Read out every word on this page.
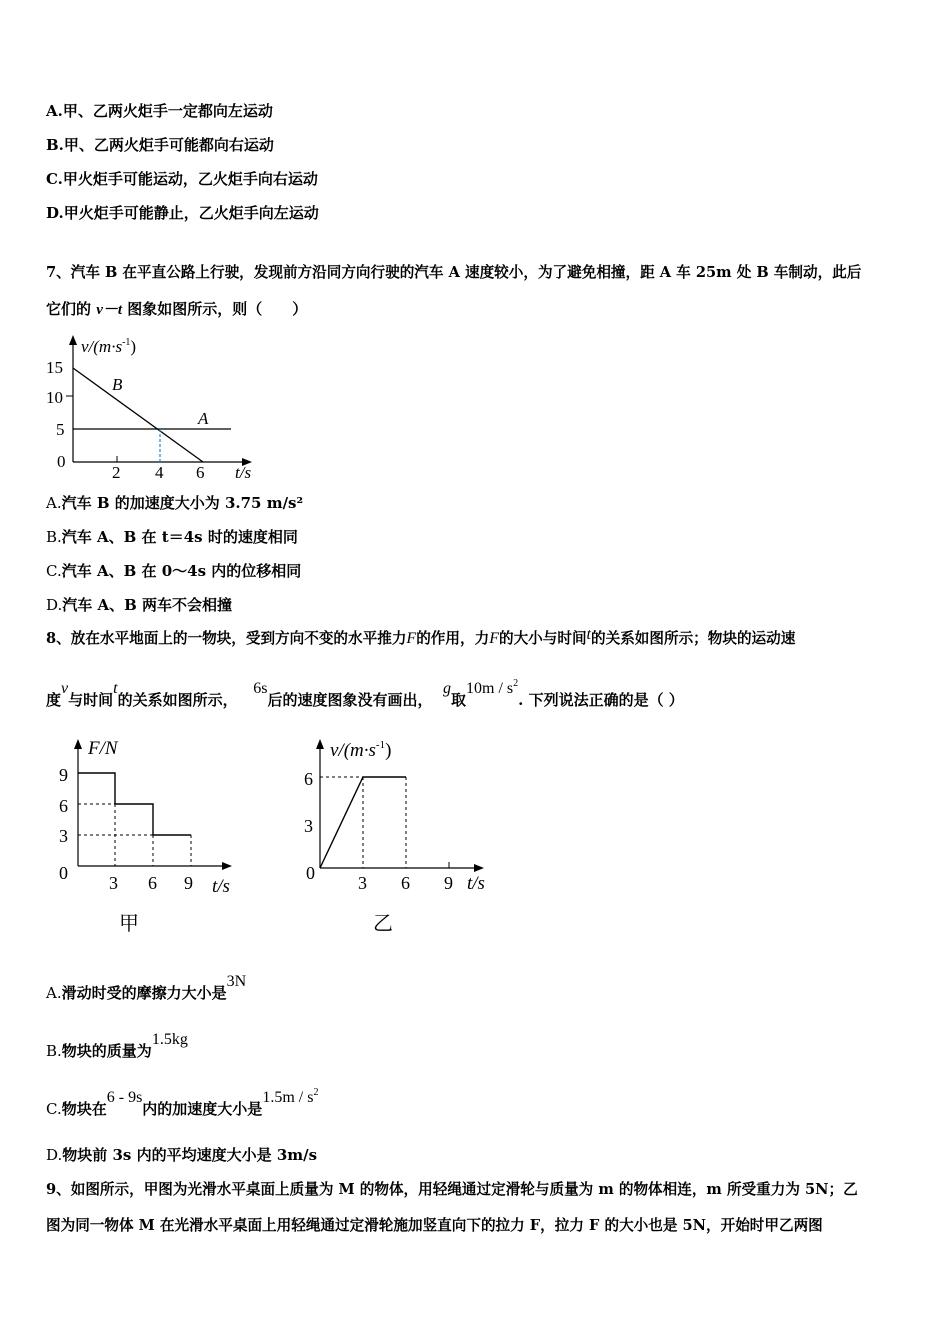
A.甲、乙两火炬手一定都向左运动
B.甲、乙两火炬手可能都向右运动
C.甲火炬手可能运动，乙火炬手向右运动
D.甲火炬手可能静止，乙火炬手向左运动
7、汽车 B 在平直公路上行驶，发现前方沿同方向行驶的汽车 A 速度较小，为了避免相撞，距 A 车 25m 处 B 车制动，此后
它们的 v－t 图象如图所示，则（　　）
$v/(m\cdot s^{-1})$
15
10
5
0
2 4 6 t/s
B
A
A.汽车 B 的加速度大小为 3.75 m/s²
B.汽车 A、B 在 t＝4s 时的速度相同
C.汽车 A、B 在 0～4s 内的位移相同
D.汽车 A、B 两车不会相撞
8、放在水平地面上的一物块，受到方向不变的水平推力F的作用，力F的大小与时间t的关系如图所示；物块的运动速
度v与时间t的关系如图所示，   6s后的速度图象没有画出，  g取$10m / s^2$. 下列说法正确的是（ ）
F/N
9
6
3
0 3 6 9 t/s
甲
$v/(m\cdot s^{-1})$
6
3
0 3 6 9 t/s
乙
A.滑动时受的摩擦力大小是3N
B.物块的质量为1.5kg
C.物块在6 - 9s内的加速度大小是$1.5m / s^2$
D.物块前 3s 内的平均速度大小是 3m/s
9、如图所示，甲图为光滑水平桌面上质量为 M 的物体，用轻绳通过定滑轮与质量为 m 的物体相连，m 所受重力为 5N；乙
图为同一物体 M 在光滑水平桌面上用轻绳通过定滑轮施加竖直向下的拉力 F，拉力 F 的大小也是 5N，开始时甲乙两图
